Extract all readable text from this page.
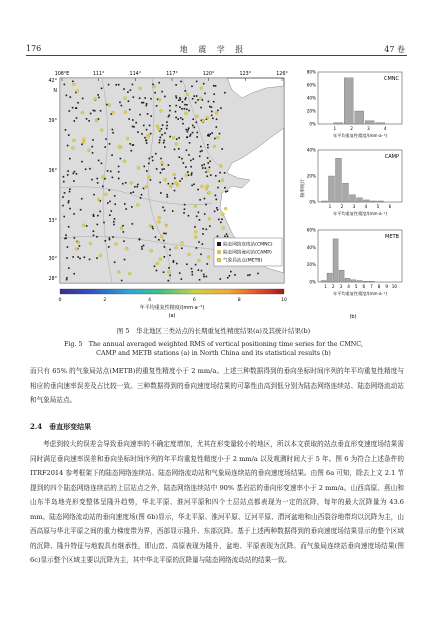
176	地 震 学 报	47 卷
108°E	111°	114°	117°	120°	123°	126°
42°
N
39°
36°
33°
30°
28°
陆态网络连续站(CMNC)
陆态网络流动站(CAMP)
气象局站点(METB)
0	2	4	6	8	10
年平均重复性精度/(mm·a⁻¹)
(a)
频率统计
CMNC
0%
20%
40%
60%
80%
1	2	3	4
年平均重复性精度/(mm·a⁻¹)
CAMP
0%
20%
40%
1 2 3 4 5 6
年平均重复性精度/(mm·a⁻¹)
METB
0%
20%
40%
60%
1 2 3 4 5 6 7 8 9 10
年平均重复性精度/(mm·a⁻¹)
(b)
图 5　华北地区三类站点的长期重复性精度结果(a)及其统计结果(b)
Fig. 5　The annual averaged weighted RMS of vertical positioning time series for the CMNC,
CAMP and METB stations (a) in North China and its statistical results (b)
而只有 65% 的气象局站点(METB)的重复性精度小于 2 mm/a。上述三种数据得到的垂向坐标时间序列的年平均重复性精度与相应的垂向速率误差及占比较一致。三种数据得到的垂向速度场结果的可靠性由高到低分别为陆态网络连续站、陆态网络流动站和气象局站点。
2.4　垂直形变结果
考虑到较大的误差会导致垂向速率的不确定度增加，尤其在形变量较小的地区，所以本文获取的站点垂直形变速度场结果需同时满足垂向速率误差和垂向坐标时间序列的年平均重复性精度小于 2 mm/a 以及观测时间大于 5 年。图 6 为符合上述条件的 ITRF2014 参考框架下的陆态网络连续站、陆态网络流动站和气象局连续站的垂向速度场结果。由图 6a 可知，除去上文 2.1 节提到的四个陆态网络连续站的上层站点之外，陆态网络连续站中 90% 基岩站的垂向形变速率小于 2 mm/a。山西高原、燕山和山东半岛地壳形变整体呈隆升趋势，华北平原、淮河平原和四个土层站点都表现为一定的沉降，每年的最大沉降量为 43.6 mm。陆态网络流动站的垂向速度场(图 6b)显示，华北平原、淮河平原、辽河平原、渭河盆地和山西裂谷地带均以沉降为主，山西高原与华北平原之间的重力梯度带为界，西部显示隆升、东部沉降。基于上述两种数据得到的垂向速度场结果显示的整个区域的沉降、隆升特征与地貌具有继承性，即山峦、高原表现为隆升，盆地、平原表现为沉降。而气象局连续站垂向速度场结果(图 6c)显示整个区域主要以沉降为主，其中华北平原的沉降量与陆态网络流动站的结果一致。
